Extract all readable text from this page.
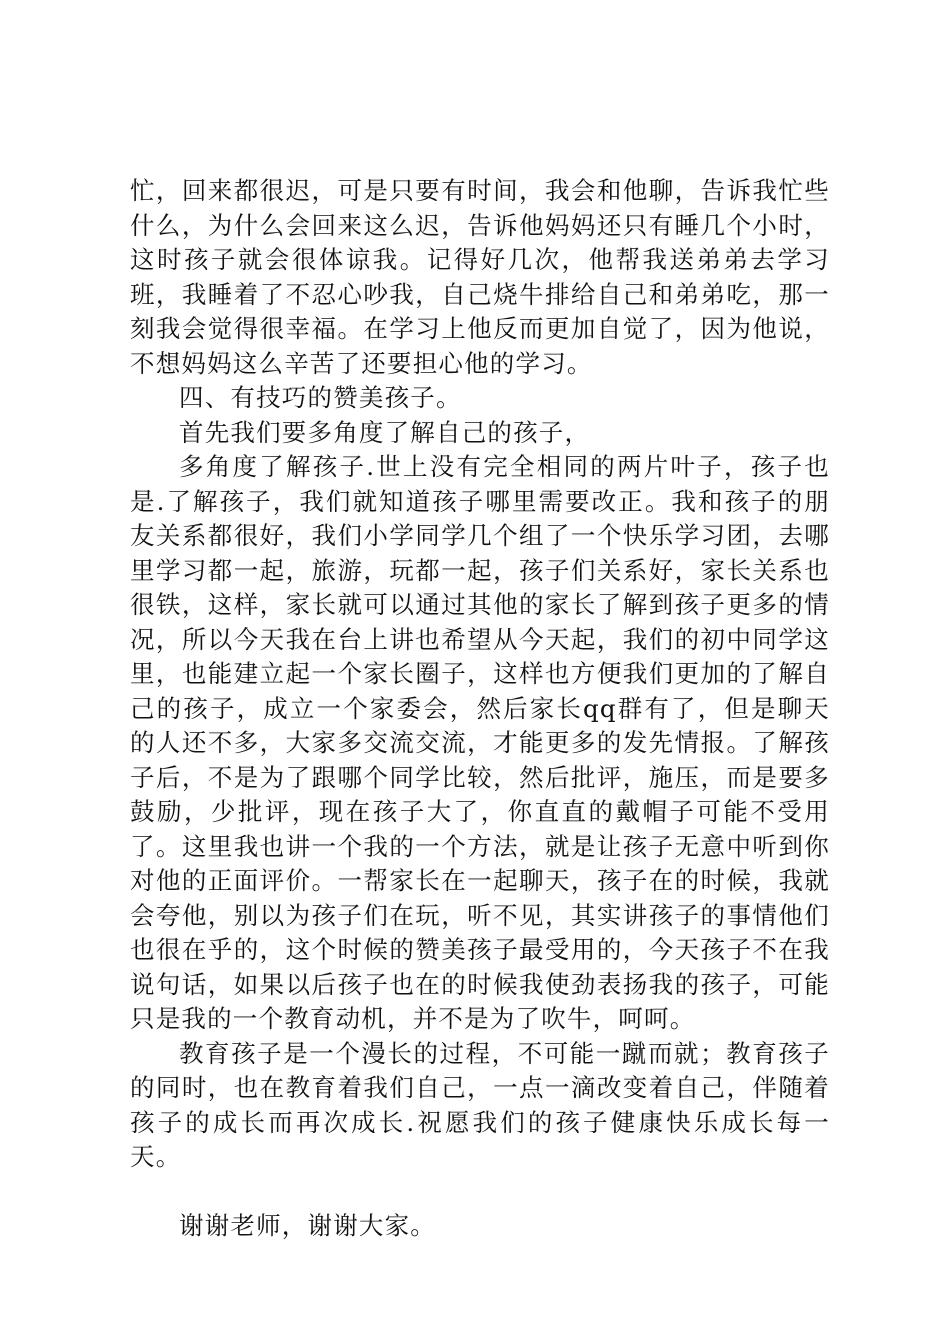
忙，回来都很迟，可是只要有时间，我会和他聊，告诉我忙些什么，为什么会回来这么迟，告诉他妈妈还只有睡几个小时，这时孩子就会很体谅我。记得好几次，他帮我送弟弟去学习班，我睡着了不忍心吵我，自己烧牛排给自己和弟弟吃，那一刻我会觉得很幸福。在学习上他反而更加自觉了，因为他说，不想妈妈这么辛苦了还要担心他的学习。

四、有技巧的赞美孩子。

首先我们要多角度了解自己的孩子，

多角度了解孩子.世上没有完全相同的两片叶子，孩子也是.了解孩子，我们就知道孩子哪里需要改正。我和孩子的朋友关系都很好，我们小学同学几个组了一个快乐学习团，去哪里学习都一起，旅游，玩都一起，孩子们关系好，家长关系也很铁，这样，家长就可以通过其他的家长了解到孩子更多的情况，所以今天我在台上讲也希望从今天起，我们的初中同学这里，也能建立起一个家长圈子，这样也方便我们更加的了解自己的孩子，成立一个家委会，然后家长qq群有了，但是聊天的人还不多，大家多交流交流，才能更多的发先情报。了解孩子后，不是为了跟哪个同学比较，然后批评，施压，而是要多鼓励，少批评，现在孩子大了，你直直的戴帽子可能不受用了。这里我也讲一个我的一个方法，就是让孩子无意中听到你对他的正面评价。一帮家长在一起聊天，孩子在的时候，我就会夸他，别以为孩子们在玩，听不见，其实讲孩子的事情他们也很在乎的，这个时候的赞美孩子最受用的，今天孩子不在我说句话，如果以后孩子也在的时候我使劲表扬我的孩子，可能只是我的一个教育动机，并不是为了吹牛，呵呵。

教育孩子是一个漫长的过程，不可能一蹴而就；教育孩子的同时，也在教育着我们自己，一点一滴改变着自己，伴随着孩子的成长而再次成长.祝愿我们的孩子健康快乐成长每一天。

谢谢老师，谢谢大家。
